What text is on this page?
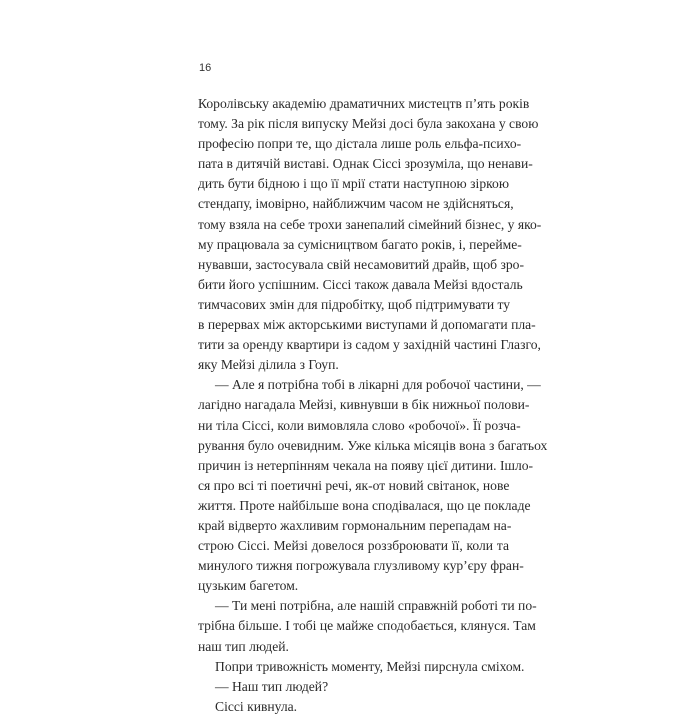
16
Королівську академію драматичних мистецтв п’ять років
тому. За рік після випуску Мейзі досі була закохана у свою
професію попри те, що дістала лише роль ельфа-психо-
пата в дитячій виставі. Однак Сіссі зрозуміла, що ненави-
дить бути бідною і що її мрії стати наступною зіркою
стендапу, імовірно, найближчим часом не здійсняться,
тому взяла на себе трохи занепалий сімейний бізнес, у яко-
му працювала за сумісництвом багато років, і, переймe-
нувавши, застосувала свій несамовитий драйв, щоб зро-
бити його успішним. Сіссі також давала Мейзі вдосталь
тимчасових змін для підробітку, щоб підтримувати ту
в перервах між акторськими виступами й допомагати пла-
тити за оренду квартири із садом у західній частині Глазго,
яку Мейзі ділила з Гоуп.
— Але я потрібна тобі в лікарні для робочої частини, —
лагідно нагадала Мейзі, кивнувши в бік нижньої полови-
ни тіла Сіссі, коли вимовляла слово «робочої». Її розча-
рування було очевидним. Уже кілька місяців вона з багатьох
причин із нетерпінням чекала на появу цієї дитини. Ішло-
ся про всі ті поетичні речі, як-от новий світанок, нове
життя. Проте найбільше вона сподівалася, що це покладе
край відверто жахливим гормональним перепадам на-
строю Сіссі. Мейзі довелося роззброювати її, коли та
минулого тижня погрожувала глузливому кур’єру фран-
цузьким багетом.
— Ти мені потрібна, але нашій справжній роботі ти по-
трібна більше. І тобі це майже сподобається, клянуся. Там
наш тип людей.
Попри тривожність моменту, Мейзі пирснула сміхом.
— Наш тип людей?
Сіссі кивнула.
